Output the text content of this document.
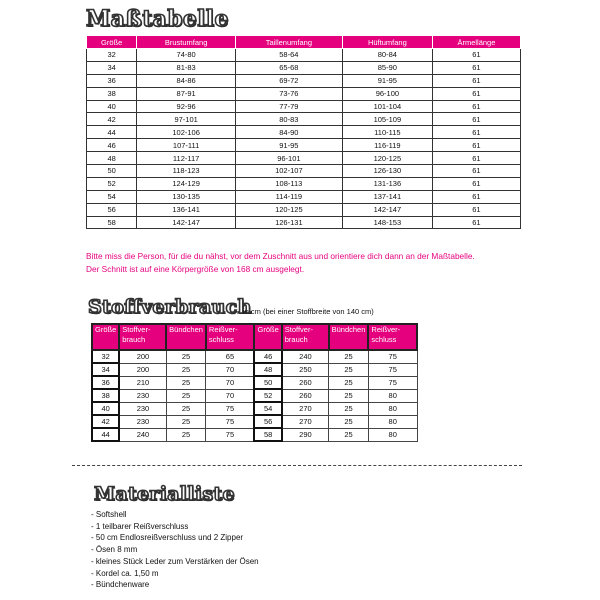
Maßtabelle
Größe	Brustumfang	Taillenumfang	Hüftumfang	Ärmellänge
32	74-80	58-64	80-84	61
34	81-83	65-68	85-90	61
36	84-86	69-72	91-95	61
38	87-91	73-76	96-100	61
40	92-96	77-79	101-104	61
42	97-101	80-83	105-109	61
44	102-106	84-90	110-115	61
46	107-111	91-95	116-119	61
48	112-117	96-101	120-125	61
50	118-123	102-107	126-130	61
52	124-129	108-113	131-136	61
54	130-135	114-119	137-141	61
56	136-141	120-125	142-147	61
58	142-147	126-131	148-153	61
Bitte miss die Person, für die du nähst, vor dem Zuschnitt aus und orientiere dich dann an der Maßtabelle.
Der Schnitt ist auf eine Körpergröße von 168 cm ausgelegt.
Stoffverbrauch
in cm (bei einer Stoffbreite von 140 cm)
Größe	Stoffver-brauch	Bündchen	Reißver-schluss	Größe	Stoffver-brauch	Bündchen	Reißver-schluss
32	200	25	65	46	240	25	75
34	200	25	70	48	250	25	75
36	210	25	70	50	260	25	75
38	230	25	70	52	260	25	80
40	230	25	75	54	270	25	80
42	230	25	75	56	270	25	80
44	240	25	75	58	290	25	80
Materialliste
- Softshell
- 1 teilbarer Reißverschluss
- 50 cm Endlosreißverschluss und 2 Zipper
- Ösen 8 mm
- kleines Stück Leder zum Verstärken der Ösen
- Kordel ca. 1,50 m
- Bündchenware
